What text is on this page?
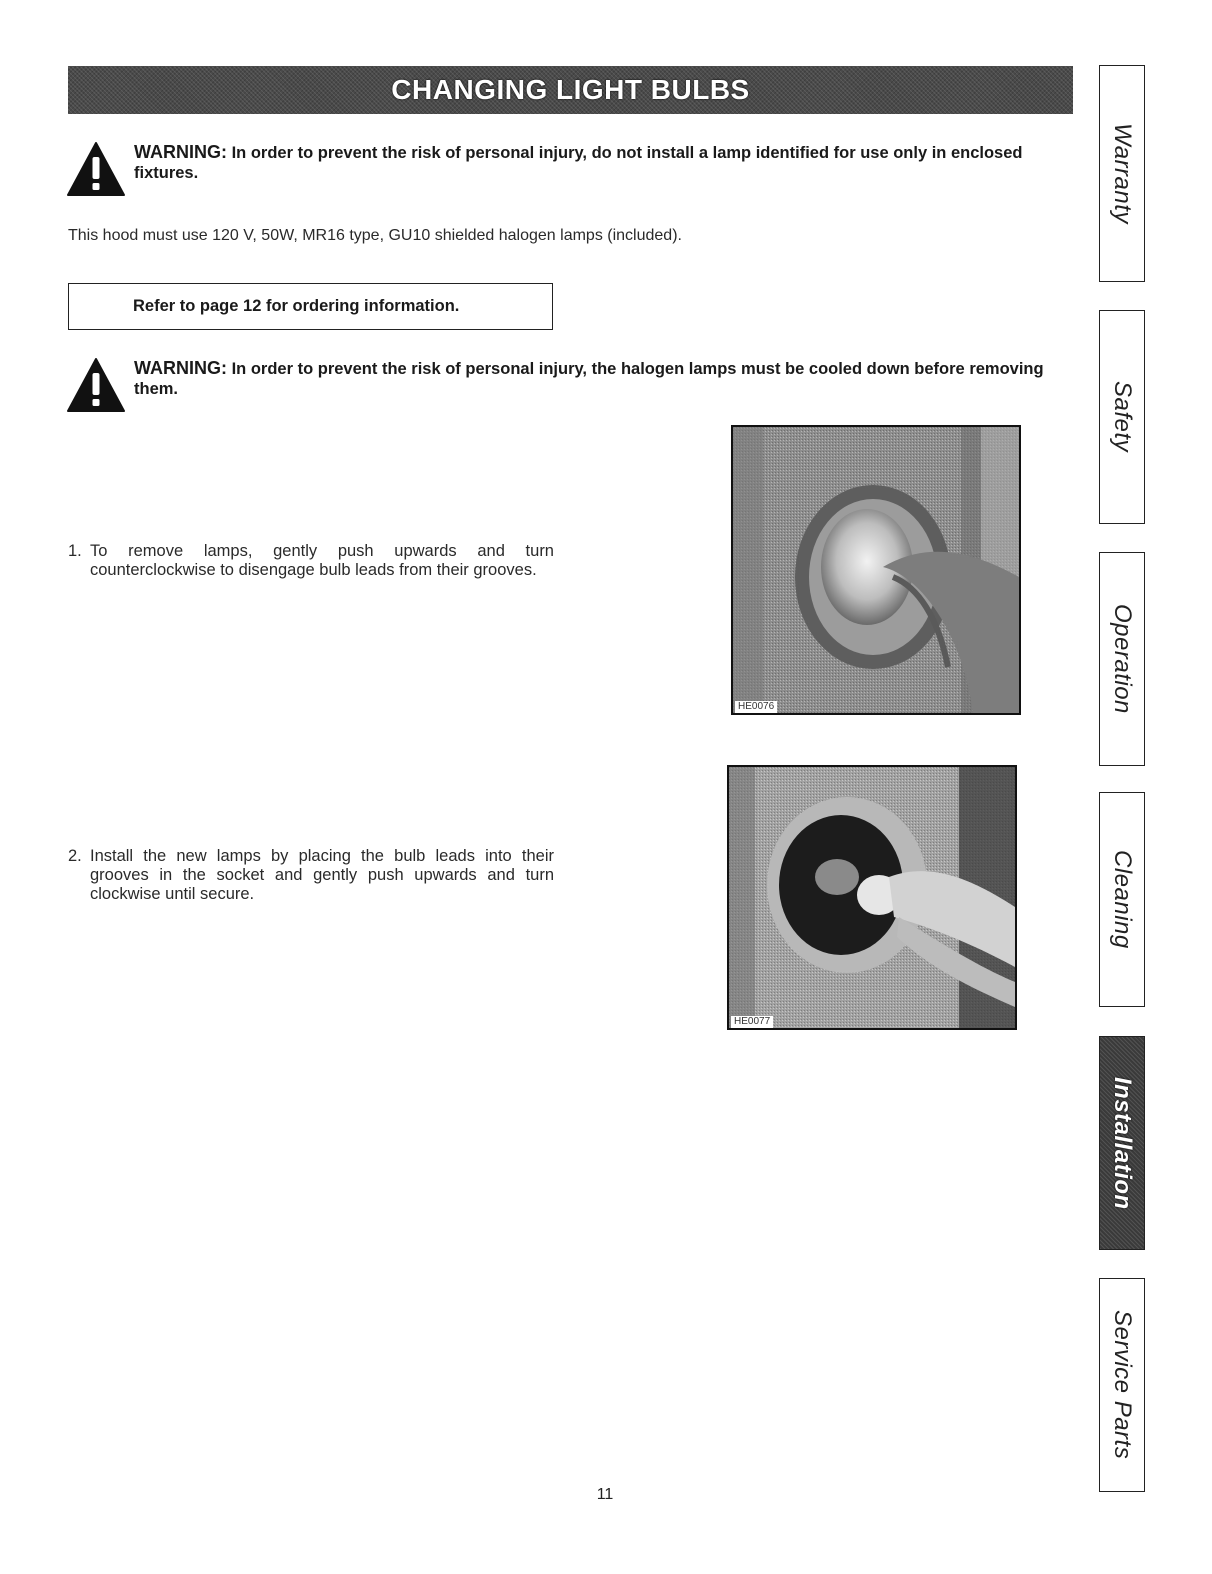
CHANGING LIGHT BULBS
WARNING: In order to prevent the risk of personal injury, do not install a lamp identified for use only in enclosed fixtures.
This hood must use 120 V, 50W, MR16 type, GU10 shielded halogen lamps (included).
Refer to page 12 for ordering information.
WARNING: In order to prevent the risk of personal injury, the halogen lamps must be cooled down before removing them.
1. To remove lamps, gently push upwards and turn counterclockwise to disengage bulb leads from their grooves.
HE0076
2. Install the new lamps by placing the bulb leads into their grooves in the socket and gently push upwards and turn clockwise until secure.
HE0077
Warranty
Safety
Operation
Cleaning
Installation
Service Parts
11
